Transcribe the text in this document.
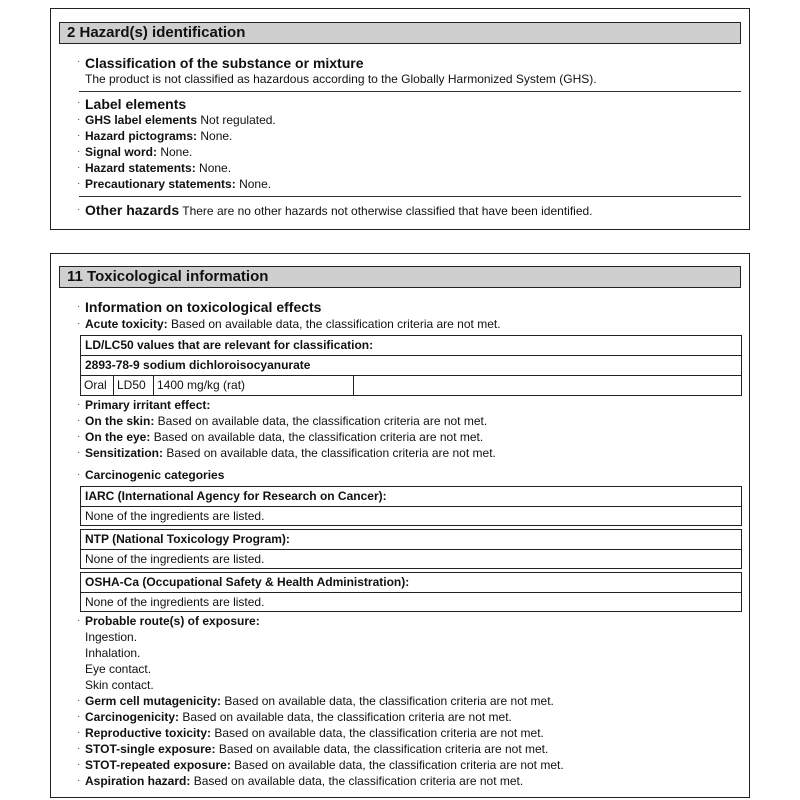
2 Hazard(s) identification
· Classification of the substance or mixture
The product is not classified as hazardous according to the Globally Harmonized System (GHS).
· Label elements
· GHS label elements Not regulated.
· Hazard pictograms: None.
· Signal word: None.
· Hazard statements: None.
· Precautionary statements: None.
· Other hazards There are no other hazards not otherwise classified that have been identified.
11 Toxicological information
· Information on toxicological effects
· Acute toxicity: Based on available data, the classification criteria are not met.
LD/LC50 values that are relevant for classification:
2893-78-9 sodium dichloroisocyanurate
Oral LD50 1400 mg/kg (rat)
· Primary irritant effect:
· On the skin: Based on available data, the classification criteria are not met.
· On the eye: Based on available data, the classification criteria are not met.
· Sensitization: Based on available data, the classification criteria are not met.
· Carcinogenic categories
IARC (International Agency for Research on Cancer):
None of the ingredients are listed.
NTP (National Toxicology Program):
None of the ingredients are listed.
OSHA-Ca (Occupational Safety & Health Administration):
None of the ingredients are listed.
· Probable route(s) of exposure:
Ingestion.
Inhalation.
Eye contact.
Skin contact.
· Germ cell mutagenicity: Based on available data, the classification criteria are not met.
· Carcinogenicity: Based on available data, the classification criteria are not met.
· Reproductive toxicity: Based on available data, the classification criteria are not met.
· STOT-single exposure: Based on available data, the classification criteria are not met.
· STOT-repeated exposure: Based on available data, the classification criteria are not met.
· Aspiration hazard: Based on available data, the classification criteria are not met.
